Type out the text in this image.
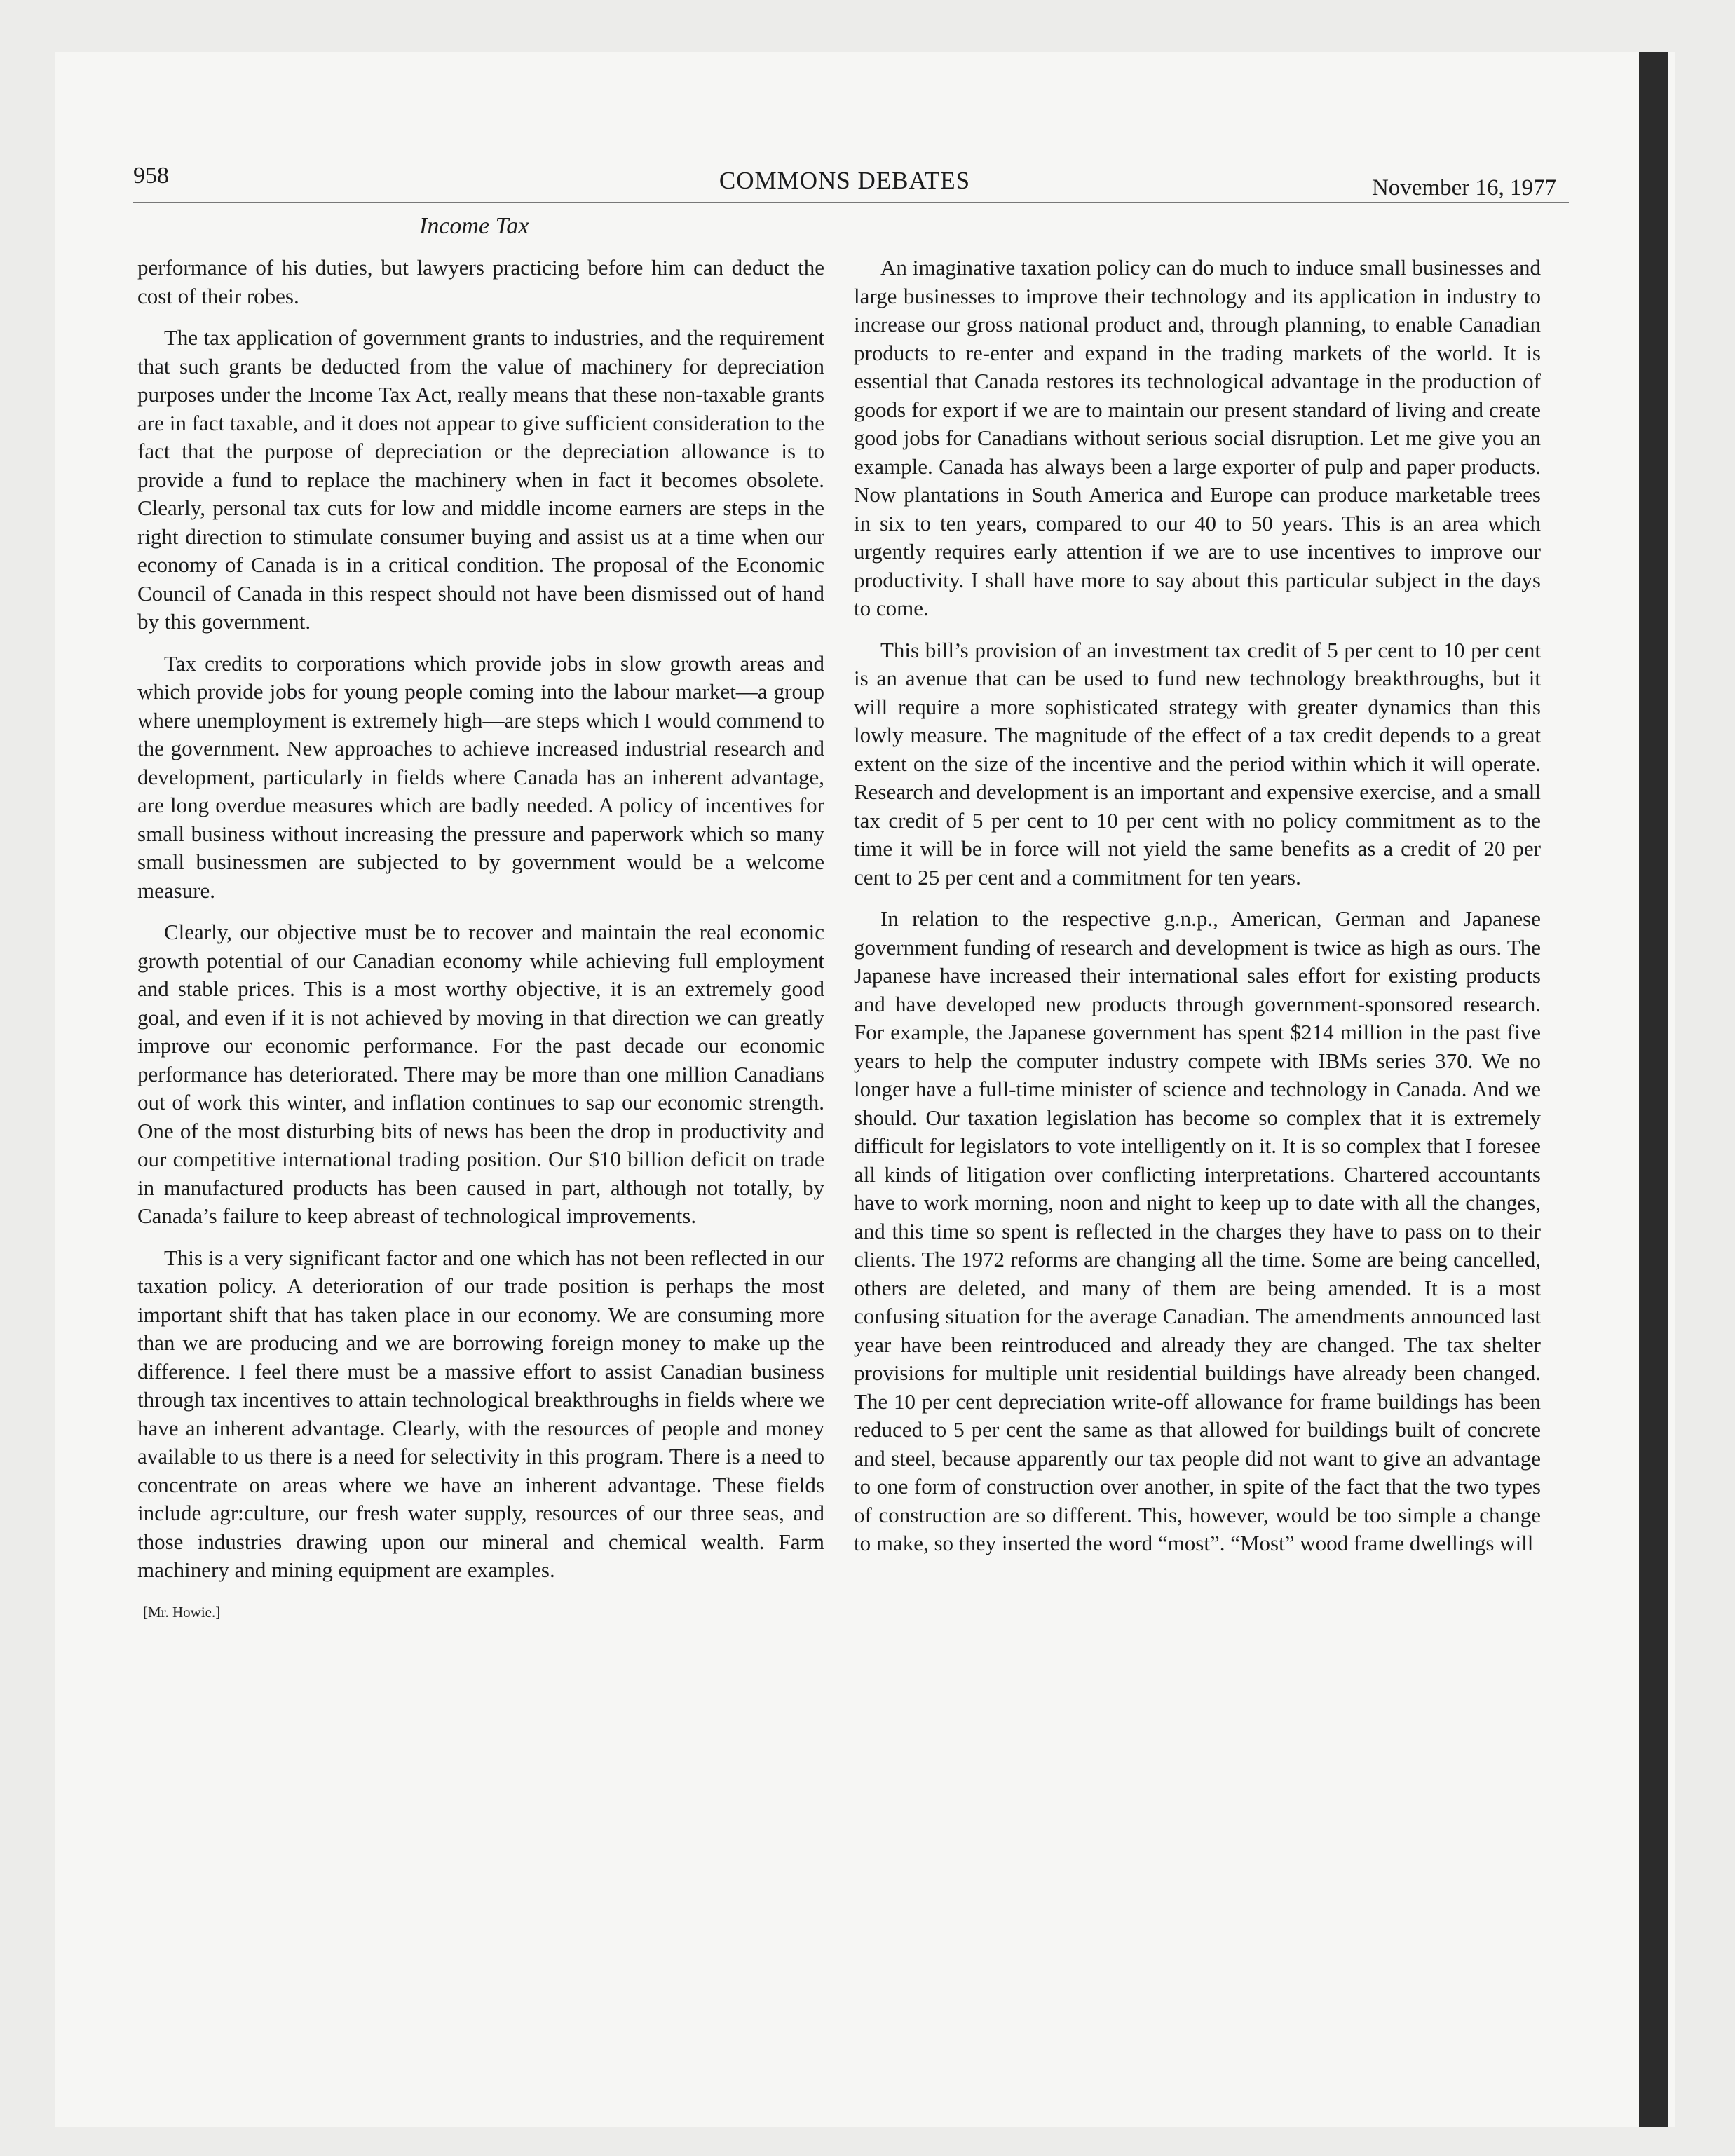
958	COMMONS DEBATES	November 16, 1977
Income Tax

performance of his duties, but lawyers practicing before him can deduct the cost of their robes.

The tax application of government grants to industries, and the requirement that such grants be deducted from the value of machinery for depreciation purposes under the Income Tax Act, really means that these non-taxable grants are in fact taxable, and it does not appear to give sufficient consideration to the fact that the purpose of depreciation or the depreciation allowance is to provide a fund to replace the machinery when in fact it becomes obsolete. Clearly, personal tax cuts for low and middle income earners are steps in the right direction to stimulate consumer buying and assist us at a time when our economy of Canada is in a critical condition. The proposal of the Economic Council of Canada in this respect should not have been dismissed out of hand by this government.

Tax credits to corporations which provide jobs in slow growth areas and which provide jobs for young people coming into the labour market—a group where unemployment is extremely high—are steps which I would commend to the government. New approaches to achieve increased industrial research and development, particularly in fields where Canada has an inherent advantage, are long overdue measures which are badly needed. A policy of incentives for small business without increasing the pressure and paperwork which so many small businessmen are subjected to by government would be a welcome measure.

Clearly, our objective must be to recover and maintain the real economic growth potential of our Canadian economy while achieving full employment and stable prices. This is a most worthy objective, it is an extremely good goal, and even if it is not achieved by moving in that direction we can greatly improve our economic performance. For the past decade our economic performance has deteriorated. There may be more than one million Canadians out of work this winter, and inflation continues to sap our economic strength. One of the most disturbing bits of news has been the drop in productivity and our competitive international trading position. Our $10 billion deficit on trade in manufactured products has been caused in part, although not totally, by Canada’s failure to keep abreast of technological improvements.

This is a very significant factor and one which has not been reflected in our taxation policy. A deterioration of our trade position is perhaps the most important shift that has taken place in our economy. We are consuming more than we are producing and we are borrowing foreign money to make up the difference. I feel there must be a massive effort to assist Canadian business through tax incentives to attain technological breakthroughs in fields where we have an inherent advantage. Clearly, with the resources of people and money available to us there is a need for selectivity in this program. There is a need to concentrate on areas where we have an inherent advantage. These fields include agr:culture, our fresh water supply, resources of our three seas, and those industries drawing upon our mineral and chemical wealth. Farm machinery and mining equipment are examples.

[Mr. Howie.]

An imaginative taxation policy can do much to induce small businesses and large businesses to improve their technology and its application in industry to increase our gross national product and, through planning, to enable Canadian products to re-enter and expand in the trading markets of the world. It is essential that Canada restores its technological advantage in the production of goods for export if we are to maintain our present standard of living and create good jobs for Canadians without serious social disruption. Let me give you an example. Canada has always been a large exporter of pulp and paper products. Now plantations in South America and Europe can produce marketable trees in six to ten years, compared to our 40 to 50 years. This is an area which urgently requires early attention if we are to use incentives to improve our productivity. I shall have more to say about this particular subject in the days to come.

This bill’s provision of an investment tax credit of 5 per cent to 10 per cent is an avenue that can be used to fund new technology breakthroughs, but it will require a more sophisticated strategy with greater dynamics than this lowly measure. The magnitude of the effect of a tax credit depends to a great extent on the size of the incentive and the period within which it will operate. Research and development is an important and expensive exercise, and a small tax credit of 5 per cent to 10 per cent with no policy commitment as to the time it will be in force will not yield the same benefits as a credit of 20 per cent to 25 per cent and a commitment for ten years.

In relation to the respective g.n.p., American, German and Japanese government funding of research and development is twice as high as ours. The Japanese have increased their international sales effort for existing products and have developed new products through government-sponsored research. For example, the Japanese government has spent $214 million in the past five years to help the computer industry compete with IBMs series 370. We no longer have a full-time minister of science and technology in Canada. And we should. Our taxation legislation has become so complex that it is extremely difficult for legislators to vote intelligently on it. It is so complex that I foresee all kinds of litigation over conflicting interpretations. Chartered accountants have to work morning, noon and night to keep up to date with all the changes, and this time so spent is reflected in the charges they have to pass on to their clients. The 1972 reforms are changing all the time. Some are being cancelled, others are deleted, and many of them are being amended. It is a most confusing situation for the average Canadian. The amendments announced last year have been reintroduced and already they are changed. The tax shelter provisions for multiple unit residential buildings have already been changed. The 10 per cent depreciation write-off allowance for frame buildings has been reduced to 5 per cent the same as that allowed for buildings built of concrete and steel, because apparently our tax people did not want to give an advantage to one form of construction over another, in spite of the fact that the two types of construction are so different. This, however, would be too simple a change to make, so they inserted the word “most”. “Most” wood frame dwellings will
